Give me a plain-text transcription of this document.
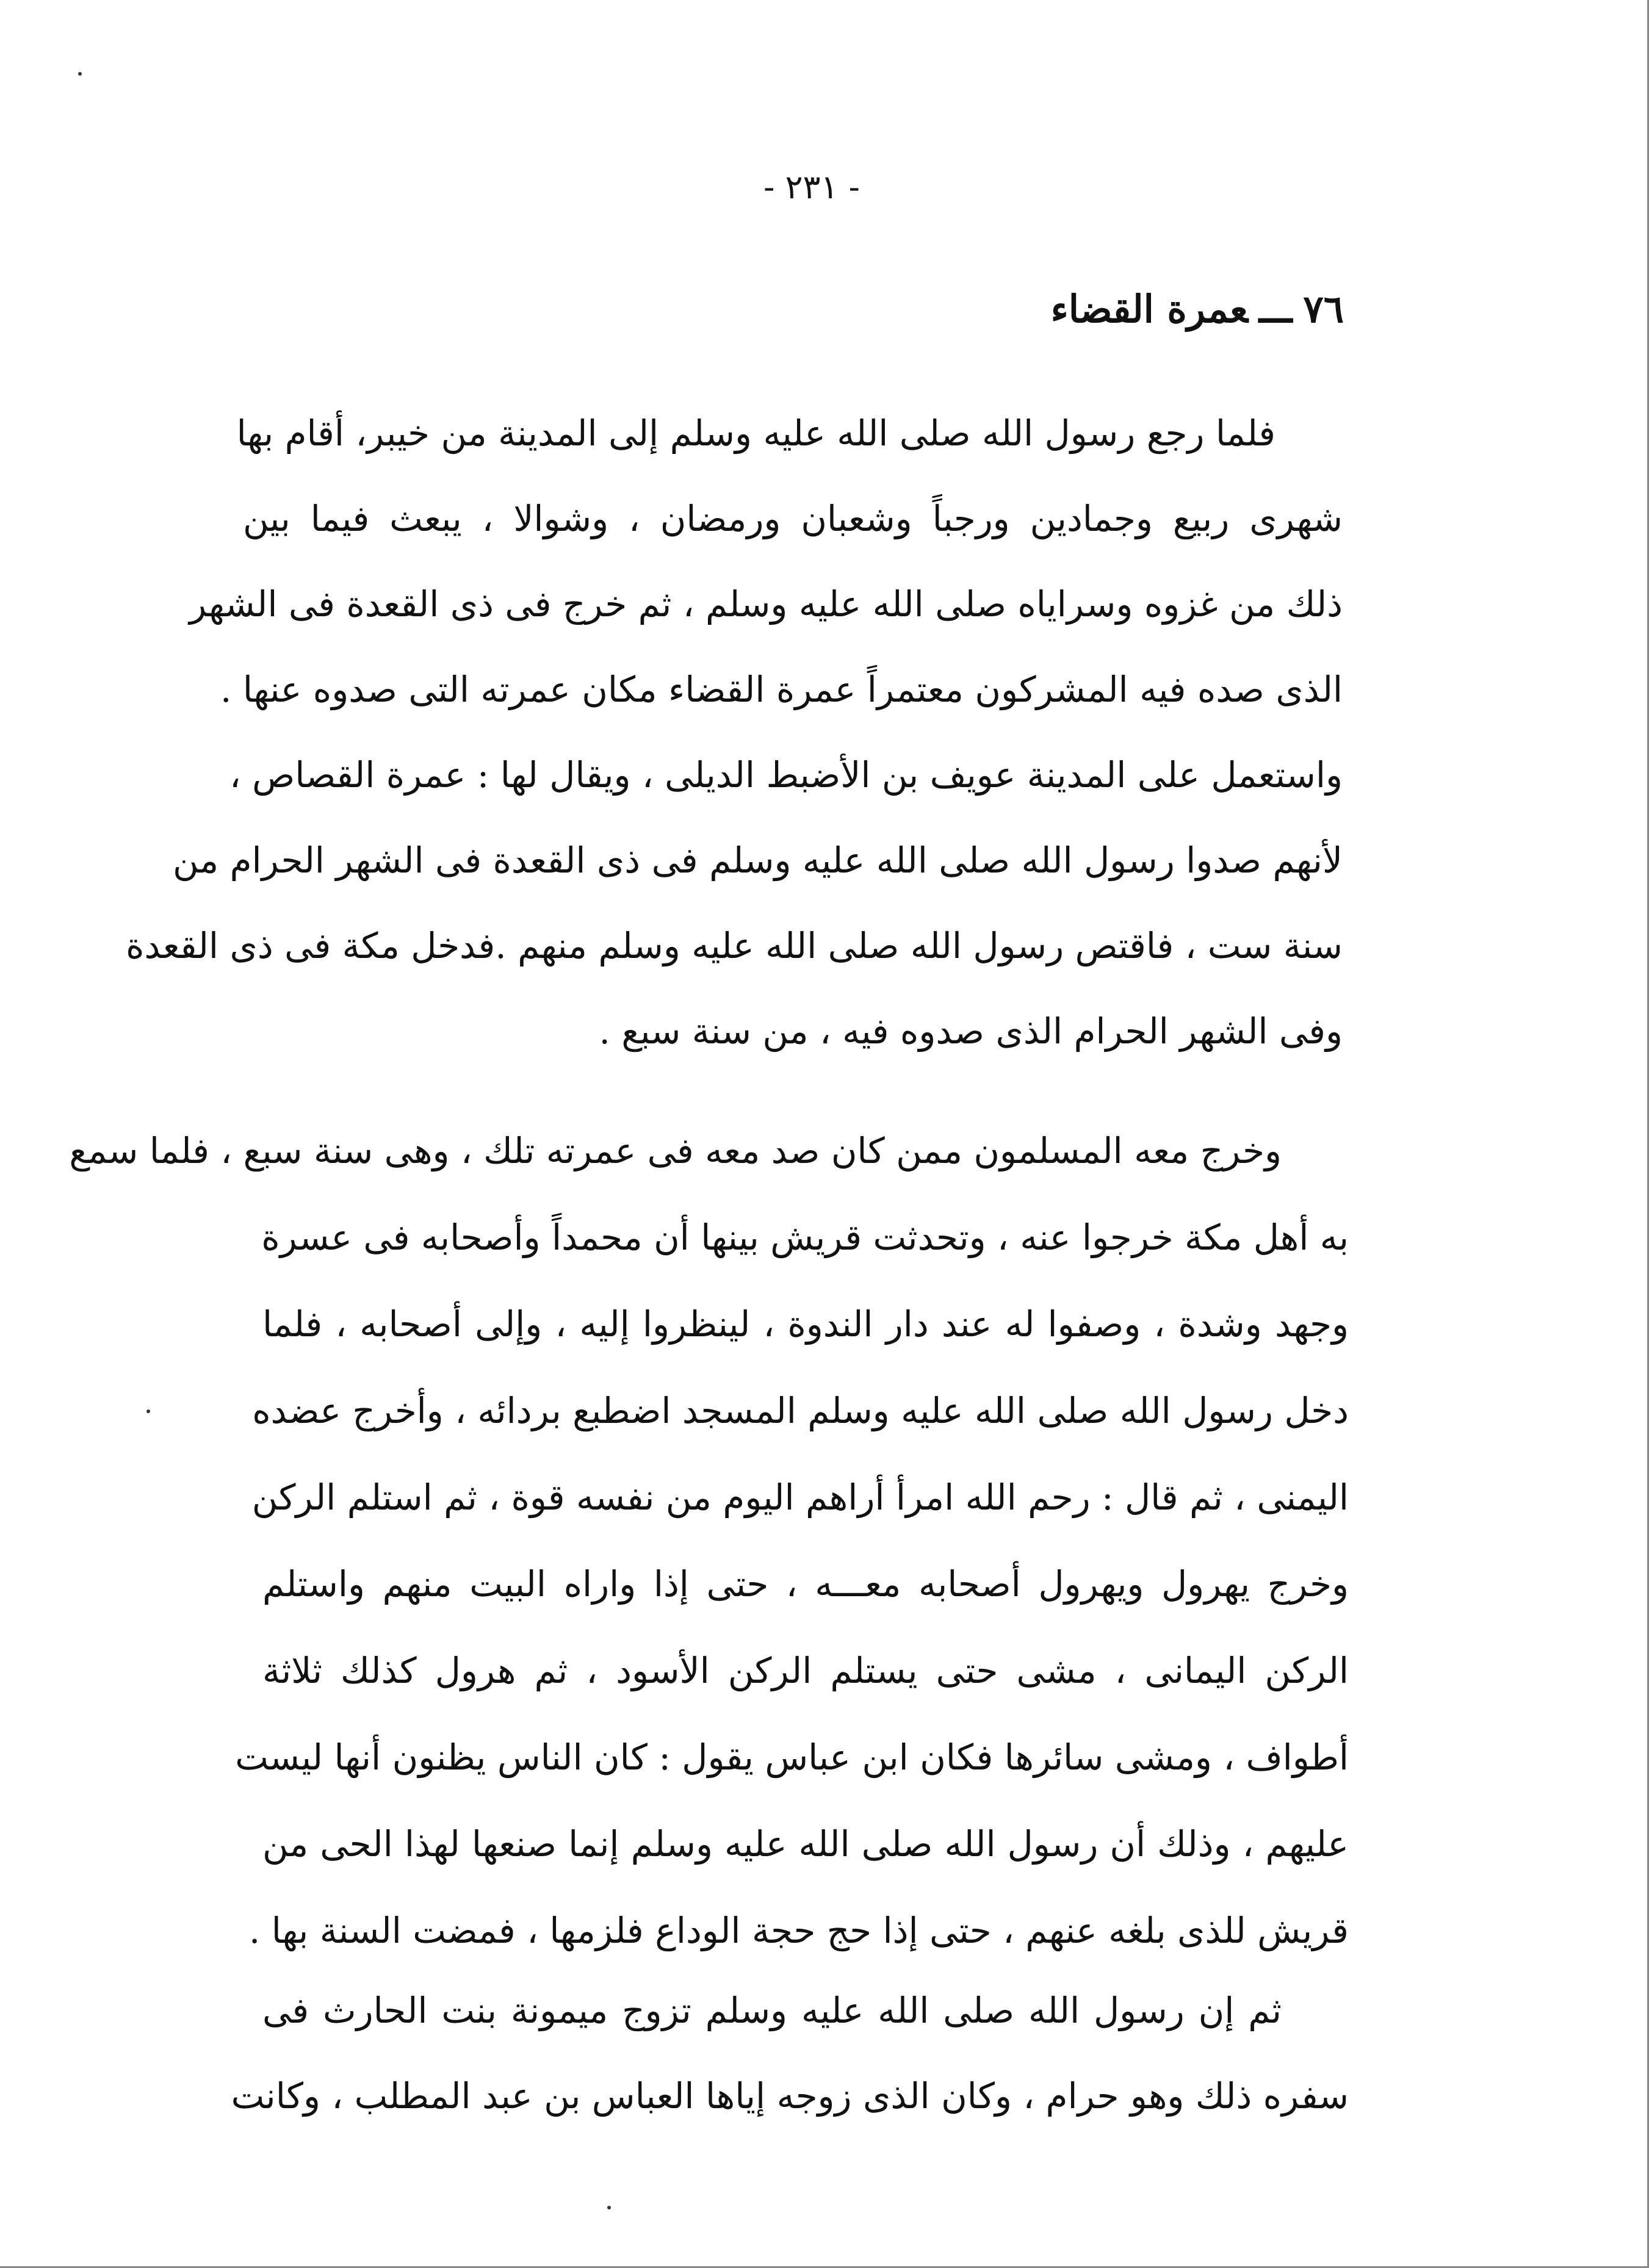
- ٢٣١ -
٧٦ـــعمرة القضاء
فلما رجع رسول الله صلى الله عليه وسلم إلى المدينة من خيبر، أقام بها
شهرى ربيع وجمادين ورجباً وشعبان ورمضان ، وشوالا ، يبعث فيما بين
ذلك من غزوه وسراياه صلى الله عليه وسلم ، ثم خرج فى ذى القعدة فى الشهر
الذى صده فيه المشركون معتمراً عمرة القضاء مكان عمرته التى صدوه عنها .
واستعمل على المدينة عويف بن الأضبط الديلى ، ويقال لها : عمرة القصاص ،
لأنهم صدوا رسول الله صلى الله عليه وسلم فى ذى القعدة فى الشهر الحرام من
سنة ست ، فاقتص رسول الله صلى الله عليه وسلم منهم .فدخل مكة فى ذى القعدة
وفى الشهر الحرام الذى صدوه فيه ، من سنة سبع .
وخرج معه المسلمون ممن كان صد معه فى عمرته تلك ، وهى سنة سبع ، فلما سمع
به أهل مكة خرجوا عنه ، وتحدثت قريش بينها أن محمداً وأصحابه فى عسرة
وجهد وشدة ، وصفوا له عند دار الندوة ، لينظروا إليه ، وإلى أصحابه ، فلما
دخل رسول الله صلى الله عليه وسلم المسجد اضطبع بردائه ، وأخرج عضده
اليمنى ، ثم قال : رحم الله امرأ أراهم اليوم من نفسه قوة ، ثم استلم الركن
وخرج يهرول ويهرول أصحابه معـــه ، حتى إذا واراه البيت منهم واستلم
الركن اليمانى ، مشى حتى يستلم الركن الأسود ، ثم هرول كذلك ثلاثة
أطواف ، ومشى سائرها فكان ابن عباس يقول : كان الناس يظنون أنها ليست
عليهم ، وذلك أن رسول الله صلى الله عليه وسلم إنما صنعها لهذا الحى من
قريش للذى بلغه عنهم ، حتى إذا حج حجة الوداع فلزمها ، فمضت السنة بها .
ثم إن رسول الله صلى الله عليه وسلم تزوج ميمونة بنت الحارث فى
سفره ذلك وهو حرام ، وكان الذى زوجه إياها العباس بن عبد المطلب ، وكانت
